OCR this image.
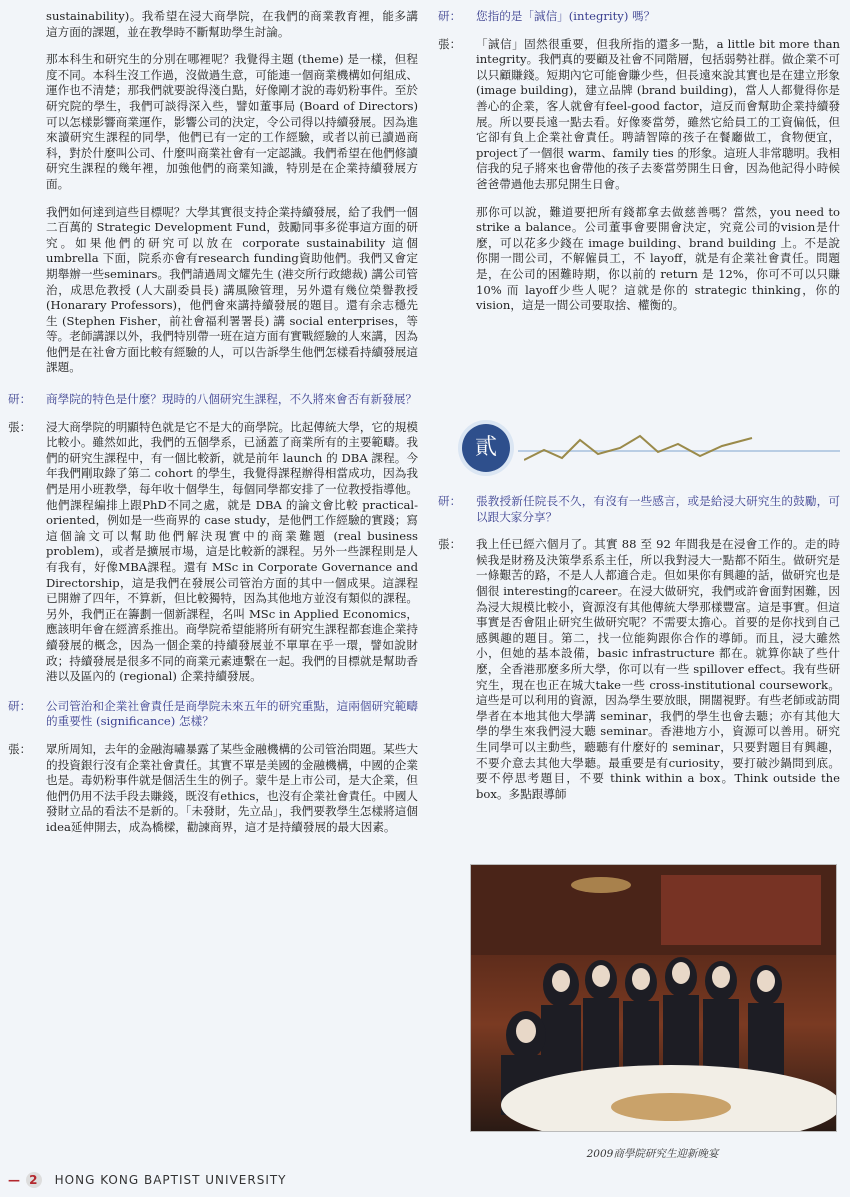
sustainability)。我希望在浸大商學院，在我們的商業教育裡，能多講這方面的課題，並在教學時不斷幫助學生討論。

那本科生和研究生的分別在哪裡呢？我覺得主題 (theme) 是一樣，但程度不同。本科生沒工作過，沒做過生意，可能連一個商業機構如何組成、運作也不清楚；那我們就要說得淺白點，好像剛才說的毒奶粉事件。至於研究院的學生，我們可談得深入些，譬如董事局 (Board of Directors) 可以怎樣影響商業運作，影響公司的決定，令公司得以持續發展。因為進來讀研究生課程的同學，他們已有一定的工作經驗，或者以前已讀過商科，對於什麼叫公司、什麼叫商業社會有一定認識。我們希望在他們修讀研究生課程的幾年裡，加強他們的商業知識，特別是在企業持續發展方面。

我們如何達到這些目標呢？大學其實很支持企業持續發展，給了我們一個二百萬的 Strategic Development Fund，鼓勵同事多從事這方面的研究。如果他們的研究可以放在 corporate sustainability 這個 umbrella 下面，院系亦會有research funding資助他們。我們又會定期舉辦一些seminars。我們請過周文耀先生 (港交所行政總裁) 講公司管治，成思危教授 (人大副委員長) 講風險管理，另外還有幾位榮譽教授 (Honarary Professors)，他們會來講持續發展的題目。還有余志穩先生 (Stephen Fisher，前社會福利署署長) 講 social enterprises，等等。老師講課以外，我們特別帶一班在這方面有實戰經驗的人來講，因為他們是在社會方面比較有經驗的人，可以告訴學生他們怎樣看持續發展這課題。

研： 商學院的特色是什麼？現時的八個研究生課程，不久將來會否有新發展？

張： 浸大商學院的明顯特色就是它不是大的商學院。比起傳統大學，它的規模比較小。雖然如此，我們的五個學系，已涵蓋了商業所有的主要範疇。我們的研究生課程中，有一個比較新，就是前年 launch 的 DBA 課程。今年我們剛取錄了第二 cohort 的學生，我覺得課程辦得相當成功，因為我們是用小班教學，每年收十個學生，每個同學都安排了一位教授指導他。他們課程編排上跟PhD不同之處，就是 DBA 的論文會比較 practical-oriented，例如是一些商界的 case study，是他們工作經驗的實踐；寫這個論文可以幫助他們解決現實中的商業難題 (real business problem)，或者是擴展市場，這是比較新的課程。另外一些課程則是人有我有，好像MBA課程。還有 MSc in Corporate Governance and Directorship，這是我們在發展公司管治方面的其中一個成果。這課程已開辦了四年，不算新，但比較獨特，因為其他地方並沒有類似的課程。另外，我們正在籌劃一個新課程，名叫 MSc in Applied Economics，應該明年會在經濟系推出。商學院希望能將所有研究生課程都套進企業持續發展的概念，因為一個企業的持續發展並不單單在乎一環，譬如說財政；持續發展是很多不同的商業元素連繫在一起。我們的目標就是幫助香港以及區內的 (regional) 企業持續發展。

研： 公司管治和企業社會責任是商學院未來五年的研究重點，這兩個研究範疇的重要性 (significance) 怎樣？

張： 眾所周知，去年的金融海嘯暴露了某些金融機構的公司管治問題。某些大的投資銀行沒有企業社會責任。其實不單是美國的金融機構，中國的企業也是。毒奶粉事件就是個活生生的例子。蒙牛是上市公司，是大企業，但他們仍用不法手段去賺錢，既沒有ethics，也沒有企業社會責任。中國人發財立品的看法不是新的。「未發財，先立品」，我們要教學生怎樣將這個idea延伸開去，成為橋樑，勸諫商界，這才是持續發展的最大因素。

研： 您指的是「誠信」(integrity) 嗎？

張： 「誠信」固然很重要，但我所指的還多一點，a little bit more than integrity。我們真的要顧及社會不同階層，包括弱勢社群。做企業不可以只顧賺錢。短期內它可能會賺少些，但長遠來說其實也是在建立形象 (image building)，建立品牌 (brand building)，當人人都覺得你是善心的企業，客人就會有feel-good factor，這反而會幫助企業持續發展。所以要長遠一點去看。好像麥當勞，雖然它給員工的工資偏低，但它卻有負上企業社會責任。聘請智障的孩子在餐廳做工，食物便宜，project了一個很 warm、family ties 的形象。這班人非常聰明。我相信我的兒子將來也會帶他的孩子去麥當勞開生日會，因為他記得小時候爸爸帶過他去那兒開生日會。

那你可以說，難道要把所有錢都拿去做慈善嗎？當然，you need to strike a balance。公司董事會要開會決定，究竟公司的vision是什麼，可以花多少錢在 image building、brand building 上。不是說你開一間公司，不解僱員工，不 layoff，就是有企業社會責任。問題是，在公司的困難時期，你以前的 return 是 12%，你可不可以只賺 10% 而 layoff少些人呢？這就是你的 strategic thinking，你的 vision，這是一間公司要取捨、權衡的。

貳
研： 張教授新任院長不久，有沒有一些感言，或是給浸大研究生的鼓勵，可以跟大家分享？

張： 我上任已經六個月了。其實 88 至 92 年間我是在浸會工作的。走的時候我是財務及決策學系系主任，所以我對浸大一點都不陌生。做研究是一條艱苦的路，不是人人都適合走。但如果你有興趣的話，做研究也是個很 interesting的career。在浸大做研究，我們或許會面對困難，因為浸大規模比較小，資源沒有其他傳統大學那樣豐富。這是事實。但這事實是否會阻止研究生做研究呢？不需要太擔心。首要的是你找到自己感興趣的題目。第二，找一位能夠跟你合作的導師。而且，浸大雖然小，但她的基本設備，basic infrastructure 都在。就算你缺了些什麼，全香港那麼多所大學，你可以有一些 spillover effect。我有些研究生，現在也正在城大take一些 cross-institutional coursework。這些是可以利用的資源，因為學生要放眼，開闊視野。有些老師或訪問學者在本地其他大學講 seminar，我們的學生也會去聽；亦有其他大學的學生來我們浸大聽 seminar。香港地方小，資源可以善用。研究生同學可以主動些，聽聽有什麼好的 seminar，只要對題目有興趣，不要介意去其他大學聽。最重要是有curiosity，要打破沙鍋問到底。要不停思考題目，不要 think within a box。Think outside the box。多點跟導師

2009商學院研究生迎新晚宴
— 2 HONG KONG BAPTIST UNIVERSITY
